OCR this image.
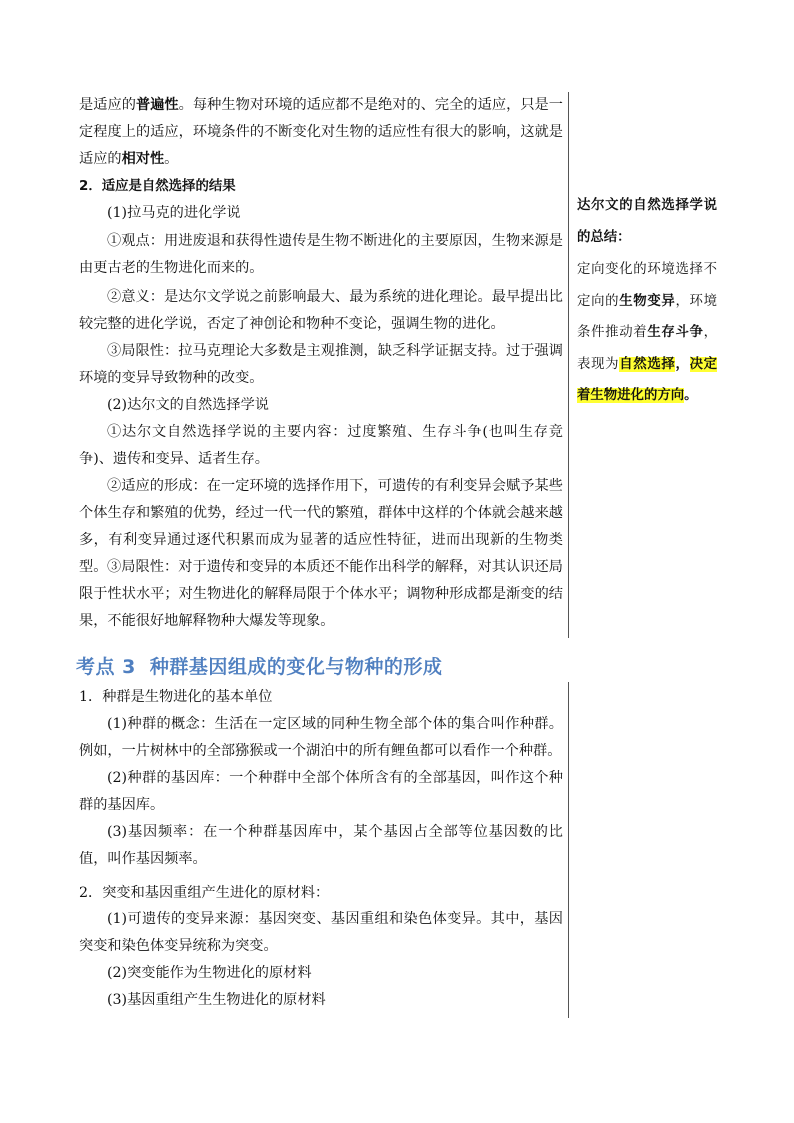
是适应的普遍性。每种生物对环境的适应都不是绝对的、完全的适应，只是一定程度上的适应，环境条件的不断变化对生物的适应性有很大的影响，这就是适应的相对性。

2．适应是自然选择的结果

(1)拉马克的进化学说

①观点：用进废退和获得性遗传是生物不断进化的主要原因，生物来源是由更古老的生物进化而来的。

②意义：是达尔文学说之前影响最大、最为系统的进化理论。最早提出比较完整的进化学说，否定了神创论和物种不变论，强调生物的进化。

③局限性：拉马克理论大多数是主观推测，缺乏科学证据支持。过于强调环境的变异导致物种的改变。

(2)达尔文的自然选择学说

①达尔文自然选择学说的主要内容：过度繁殖、生存斗争(也叫生存竞争)、遗传和变异、适者生存。

②适应的形成：在一定环境的选择作用下，可遗传的有利变异会赋予某些个体生存和繁殖的优势，经过一代一代的繁殖，群体中这样的个体就会越来越多，有利变异通过逐代积累而成为显著的适应性特征，进而出现新的生物类型。 ③局限性：对于遗传和变异的本质还不能作出科学的解释，对其认识还局限于性状水平；对生物进化的解释局限于个体水平；调物种形成都是渐变的结果，不能很好地解释物种大爆发等现象。

考点 3 种群基因组成的变化与物种的形成

1．种群是生物进化的基本单位

(1)种群的概念：生活在一定区域的同种生物全部个体的集合叫作种群。例如，一片树林中的全部猕猴或一个湖泊中的所有鲤鱼都可以看作一个种群。

(2)种群的基因库：一个种群中全部个体所含有的全部基因，叫作这个种群的基因库。

(3)基因频率：在一个种群基因库中，某个基因占全部等位基因数的比值，叫作基因频率。

2．突变和基因重组产生进化的原材料：

(1)可遗传的变异来源：基因突变、基因重组和染色体变异。其中，基因突变和染色体变异统称为突变。

(2)突变能作为生物进化的原材料

(3)基因重组产生生物进化的原材料

达尔文的自然选择学说的总结：

定向变化的环境选择不定向的生物变异，环境条件推动着生存斗争，表现为自然选择，决定着生物进化的方向。
